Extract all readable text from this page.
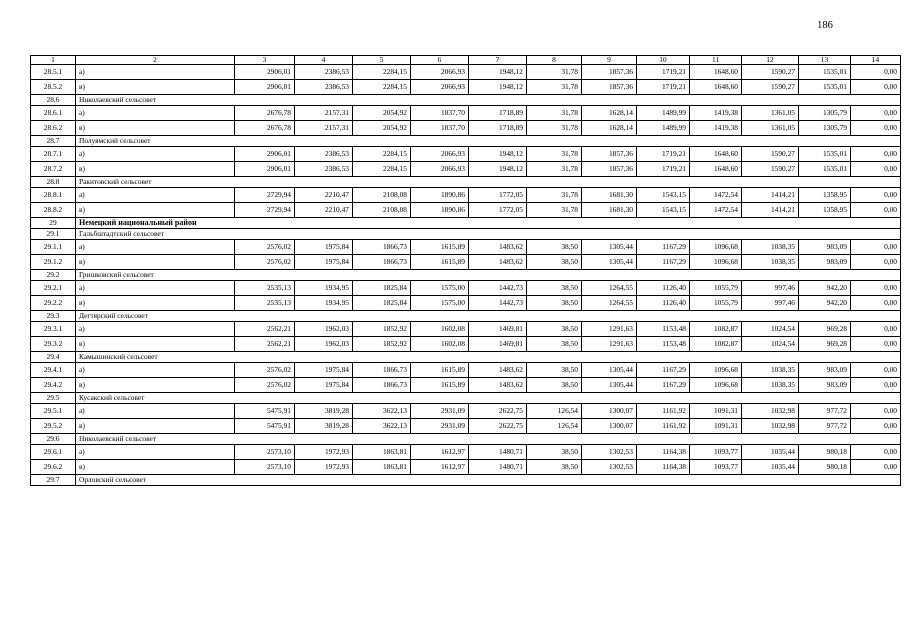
186
1	2	3	4	5	6	7	8	9	10	11	12	13	14
28.5.1	а)	2906,01	2386,53	2284,15	2066,93	1948,12	31,78	1857,36	1719,21	1648,60	1590,27	1535,01	0,00
28.5.2	в)	2906,01	2386,53	2284,15	2066,93	1948,12	31,78	1857,36	1719,21	1648,60	1590,27	1535,01	0,00
28.6	Николаевский сельсовет												
28.6.1	а)	2676,78	2157,31	2054,92	1837,70	1718,89	31,78	1628,14	1489,99	1419,38	1361,05	1305,79	0,00
28.6.2	в)	2676,78	2157,31	2054,92	1837,70	1718,89	31,78	1628,14	1489,99	1419,38	1361,05	1305,79	0,00
28.7	Полуямский сельсовет												
28.7.1	а)	2906,01	2386,53	2284,15	2066,93	1948,12	31,78	1857,36	1719,21	1648,60	1590,27	1535,01	0,00
28.7.2	в)	2906,01	2386,53	2284,15	2066,93	1948,12	31,78	1857,36	1719,21	1648,60	1590,27	1535,01	0,00
28.8	Ракитовский сельсовет												
28.8.1	а)	2729,94	2210,47	2108,08	1890,86	1772,05	31,78	1681,30	1543,15	1472,54	1414,21	1358,95	0,00
28.8.2	в)	2729,94	2210,47	2108,08	1890,86	1772,05	31,78	1681,30	1543,15	1472,54	1414,21	1358,95	0,00
29	Немецкий национальный район												
29.1	Гальбштадтский сельсовет												
29.1.1	а)	2576,02	1975,84	1866,73	1615,89	1483,62	38,50	1305,44	1167,29	1096,68	1038,35	983,09	0,00
29.1.2	в)	2576,02	1975,84	1866,73	1615,89	1483,62	38,50	1305,44	1167,29	1096,68	1038,35	983,09	0,00
29.2	Гришковский сельсовет												
29.2.1	а)	2535,13	1934,95	1825,84	1575,00	1442,73	38,50	1264,55	1126,40	1055,79	997,46	942,20	0,00
29.2.2	в)	2535,13	1934,95	1825,84	1575,00	1442,73	38,50	1264,55	1126,40	1055,79	997,46	942,20	0,00
29.3	Дегтярский сельсовет												
29.3.1	а)	2562,21	1962,03	1852,92	1602,08	1469,81	38,50	1291,63	1153,48	1082,87	1024,54	969,28	0,00
29.3.2	в)	2562,21	1962,03	1852,92	1602,08	1469,81	38,50	1291,63	1153,48	1082,87	1024,54	969,28	0,00
29.4	Камышинский сельсовет												
29.4.1	а)	2576,02	1975,84	1866,73	1615,89	1483,62	38,50	1305,44	1167,29	1096,68	1038,35	983,09	0,00
29.4.2	в)	2576,02	1975,84	1866,73	1615,89	1483,62	38,50	1305,44	1167,29	1096,68	1038,35	983,09	0,00
29.5	Кусакский сельсовет												
29.5.1	а)	5475,91	3819,28	3622,13	2931,09	2622,75	126,54	1300,07	1161,92	1091,31	1032,98	977,72	0,00
29.5.2	в)	5475,91	3819,28	3622,13	2931,09	2622,75	126,54	1300,07	1161,92	1091,31	1032,98	977,72	0,00
29.6	Николаевский сельсовет												
29.6.1	а)	2573,10	1972,93	1863,81	1612,97	1480,71	38,50	1302,53	1164,38	1093,77	1035,44	980,18	0,00
29.6.2	в)	2573,10	1972,93	1863,81	1612,97	1480,71	38,50	1302,53	1164,38	1093,77	1035,44	980,18	0,00
29.7	Орловский сельсовет												
